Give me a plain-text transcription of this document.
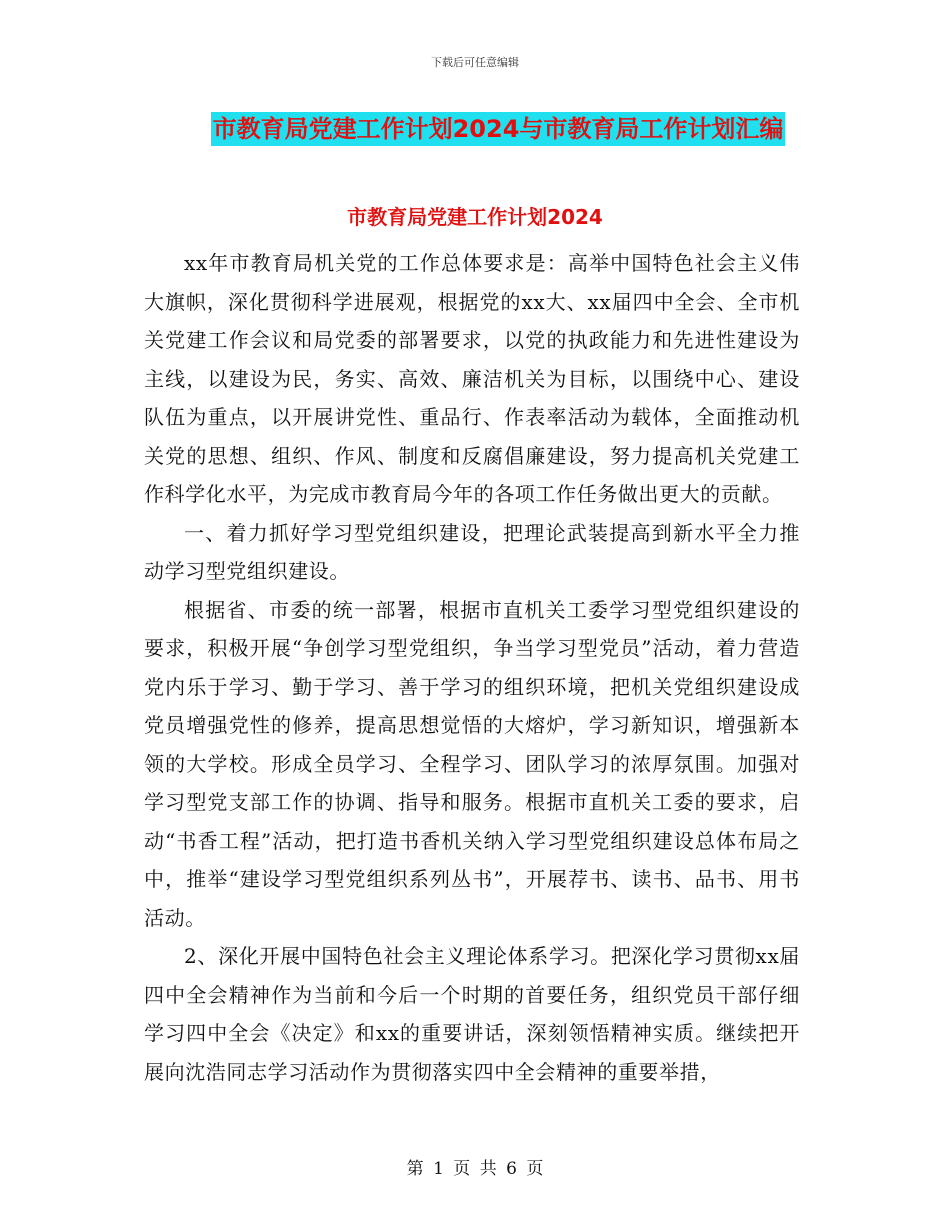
下载后可任意编辑
市教育局党建工作计划2024与市教育局工作计划汇编
市教育局党建工作计划2024

xx年市教育局机关党的工作总体要求是：高举中国特色社会主义伟大旗帜，深化贯彻科学进展观，根据党的xx大、xx届四中全会、全市机关党建工作会议和局党委的部署要求，以党的执政能力和先进性建设为主线，以建设为民，务实、高效、廉洁机关为目标，以围绕中心、建设队伍为重点，以开展讲党性、重品行、作表率活动为载体，全面推动机关党的思想、组织、作风、制度和反腐倡廉建设，努力提高机关党建工作科学化水平，为完成市教育局今年的各项工作任务做出更大的贡献。

一、着力抓好学习型党组织建设，把理论武装提高到新水平全力推动学习型党组织建设。

根据省、市委的统一部署，根据市直机关工委学习型党组织建设的要求，积极开展“争创学习型党组织，争当学习型党员”活动，着力营造党内乐于学习、勤于学习、善于学习的组织环境，把机关党组织建设成党员增强党性的修养，提高思想觉悟的大熔炉，学习新知识，增强新本领的大学校。形成全员学习、全程学习、团队学习的浓厚氛围。加强对学习型党支部工作的协调、指导和服务。根据市直机关工委的要求，启动“书香工程”活动，把打造书香机关纳入学习型党组织建设总体布局之中，推举“建设学习型党组织系列丛书”，开展荐书、读书、品书、用书活动。

2、深化开展中国特色社会主义理论体系学习。把深化学习贯彻xx届四中全会精神作为当前和今后一个时期的首要任务，组织党员干部仔细学习四中全会《决定》和xx的重要讲话，深刻领悟精神实质。继续把开展向沈浩同志学习活动作为贯彻落实四中全会精神的重要举措，

第 1 页 共 6 页
